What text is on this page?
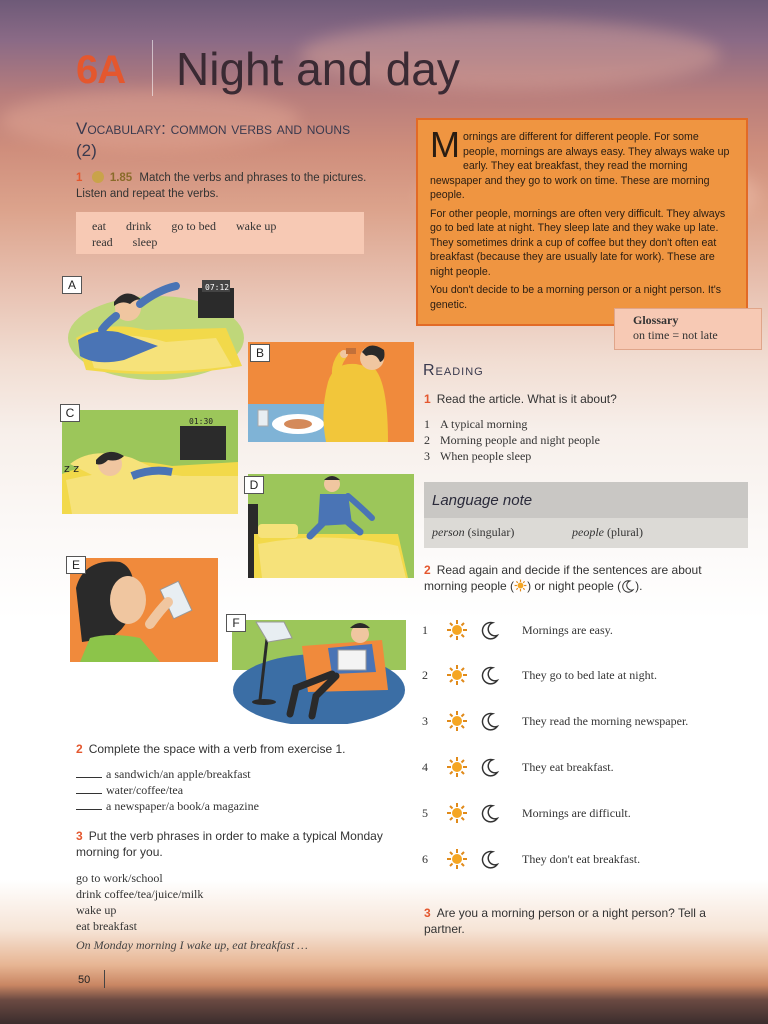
6A Night and day
Vocabulary: common verbs and nouns (2)
1 1.85 Match the verbs and phrases to the pictures. Listen and repeat the verbs.
eat drink go to bed wake up
read sleep
07:12
A
B
01:30
z z
C
D
E
F

Mornings are different for different people. For some people, mornings are always easy. They always wake up early. They eat breakfast, they read the morning newspaper and they go to work on time. These are morning people.

For other people, mornings are often very difficult. They always go to bed late at night. They sleep late and they wake up late. They sometimes drink a cup of coffee but they don't often eat breakfast (because they are usually late for work). These are night people.

You don't decide to be a morning person or a night person. It's genetic.

Glossary
on time = not late
Reading
1 Read the article. What is it about?
1 A typical morning
2 Morning people and night people
3 When people sleep
Language note
person (singular)	people (plural)
2 Read again and decide if the sentences are about morning people ( ) or night people ( ).
1	Mornings are easy.
2	They go to bed late at night.
3	They read the morning newspaper.
4	They eat breakfast.
5	Mornings are difficult.
6	They don't eat breakfast.
3 Are you a morning person or a night person? Tell a partner.
2 Complete the space with a verb from exercise 1.
a sandwich/an apple/breakfast
water/coffee/tea
a newspaper/a book/a magazine
3 Put the verb phrases in order to make a typical Monday morning for you.
go to work/school
drink coffee/tea/juice/milk
wake up
eat breakfast
On Monday morning I wake up, eat breakfast …
50
